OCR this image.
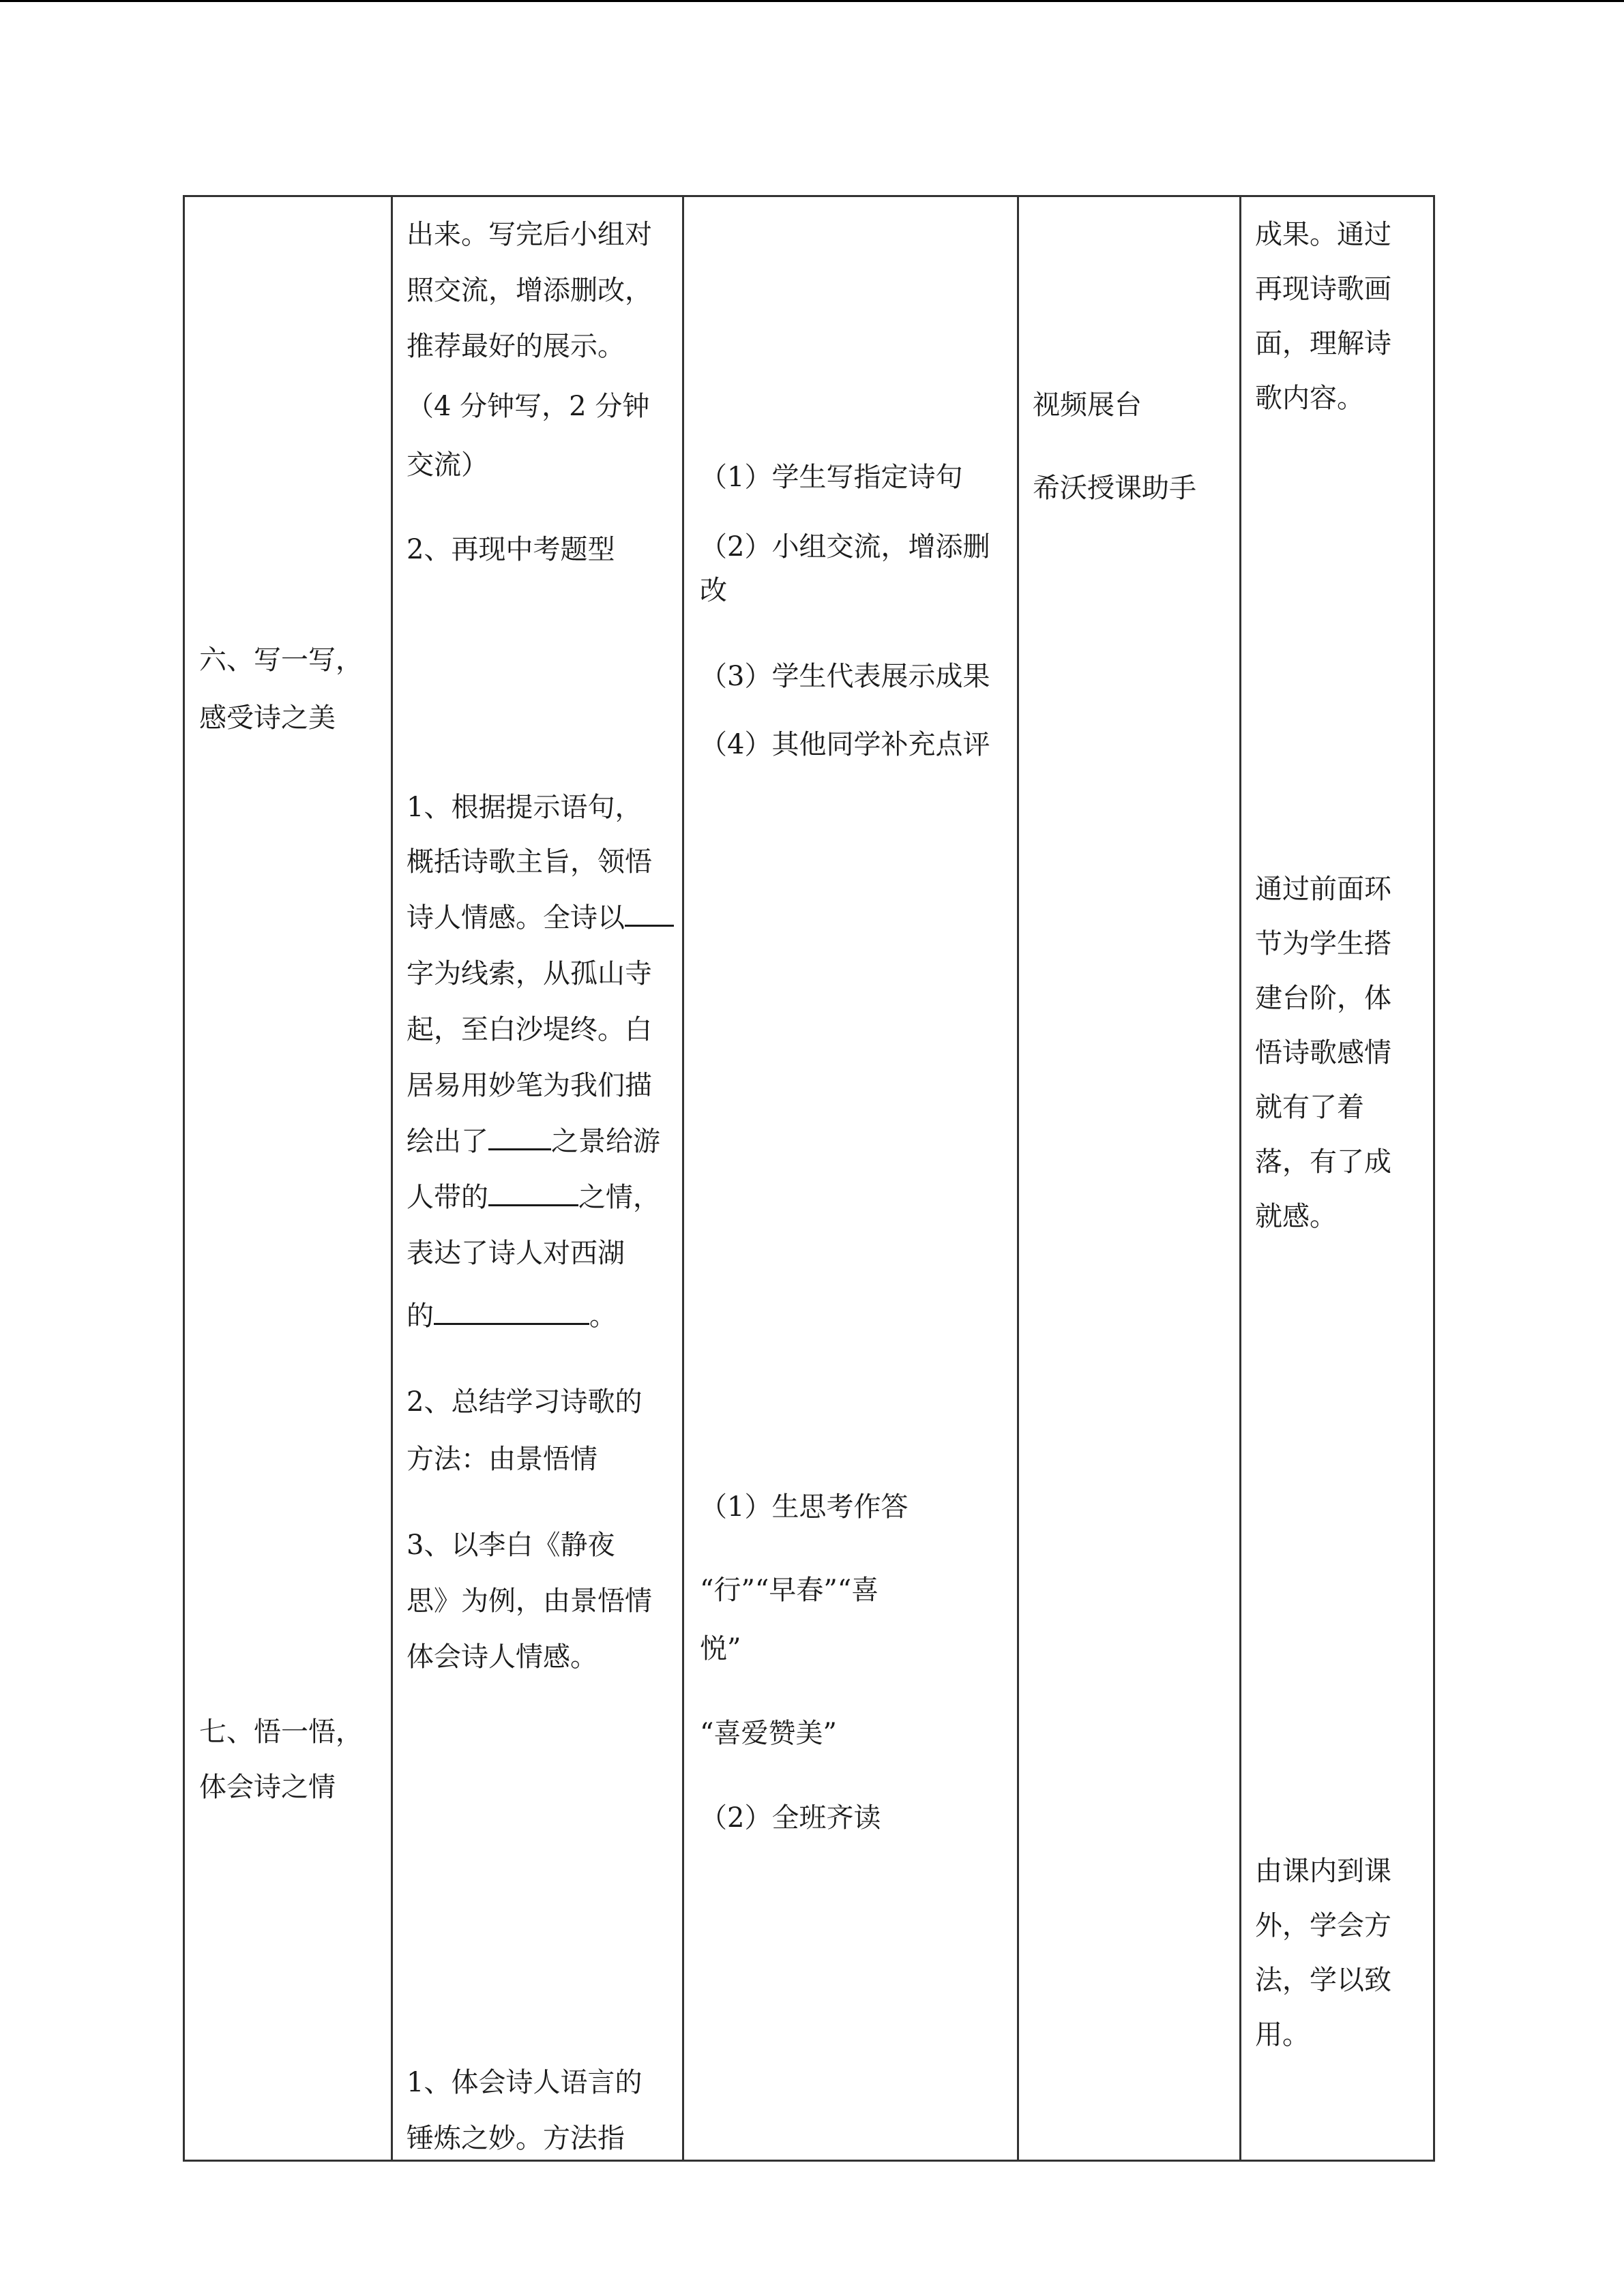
六、写一写，

感受诗之美

七、悟一悟，

体会诗之情

出来。写完后小组对

照交流，增添删改，

推荐最好的展示。

（4 分钟写，2 分钟

交流）

2、再现中考题型

1、根据提示语句，

概括诗歌主旨，领悟

诗人情感。全诗以

字为线索，从孤山寺

起，至白沙堤终。白

居易用妙笔为我们描

绘出了 之景给游

人带的	之情，

表达了诗人对西湖

的	。

2、总结学习诗歌的

方法：由景悟情

3、以李白《静夜

思》为例，由景悟情

体会诗人情感。

1、体会诗人语言的

锤炼之妙。方法指

（1）学生写指定诗句

（2）小组交流，增添删

改

（3）学生代表展示成果

（4）其他同学补充点评

（1）生思考作答

“行”“早春”“喜

悦”

“喜爱赞美”

（2）全班齐读

视频展台

希沃授课助手

成果。通过

再现诗歌画

面，理解诗

歌内容。

通过前面环

节为学生搭

建台阶，体

悟诗歌感情

就有了着

落，有了成

就感。

由课内到课

外，学会方

法，学以致

用。
